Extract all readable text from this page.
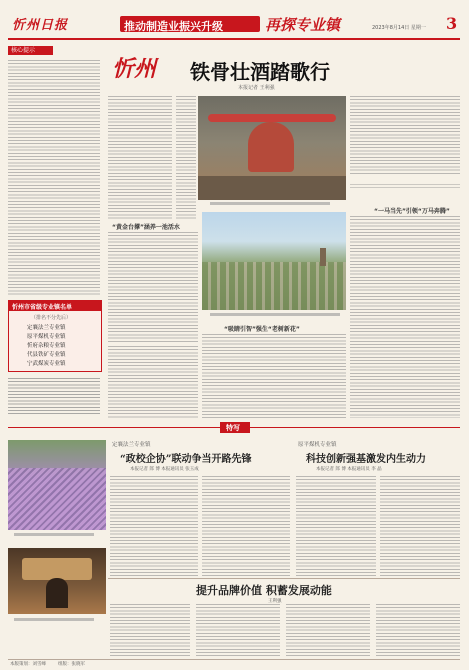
忻州日报	推动制造业振兴升级	再探专业镇	2023年8月14日 星期一 3
核心提示
忻州市省级专业镇名单
（排名不分先后）
定襄法兰专业镇
原平煤机专业镇
忻府杂粮专业镇
代县铁矿专业镇
宁武煤炭专业镇
忻州 铁骨壮酒踏歌行
本报记者 王利强
“黄金台撑”涵养一池活水
“一马当先”引领“万马奔腾”
“吸睛引智”强生“老树新花”
特写
定襄法兰专业镇
“政校企协”联动争当开路先锋
本报记者 郎 博 本报通讯员 张玉成
原平煤机专业镇
科技创新强基激发内生动力
本报记者 郎 博 本报通讯员 李 晶
提升品牌价值 积蓄发展动能
王利强
本版策划：刘雪峰	组版：张晓军
